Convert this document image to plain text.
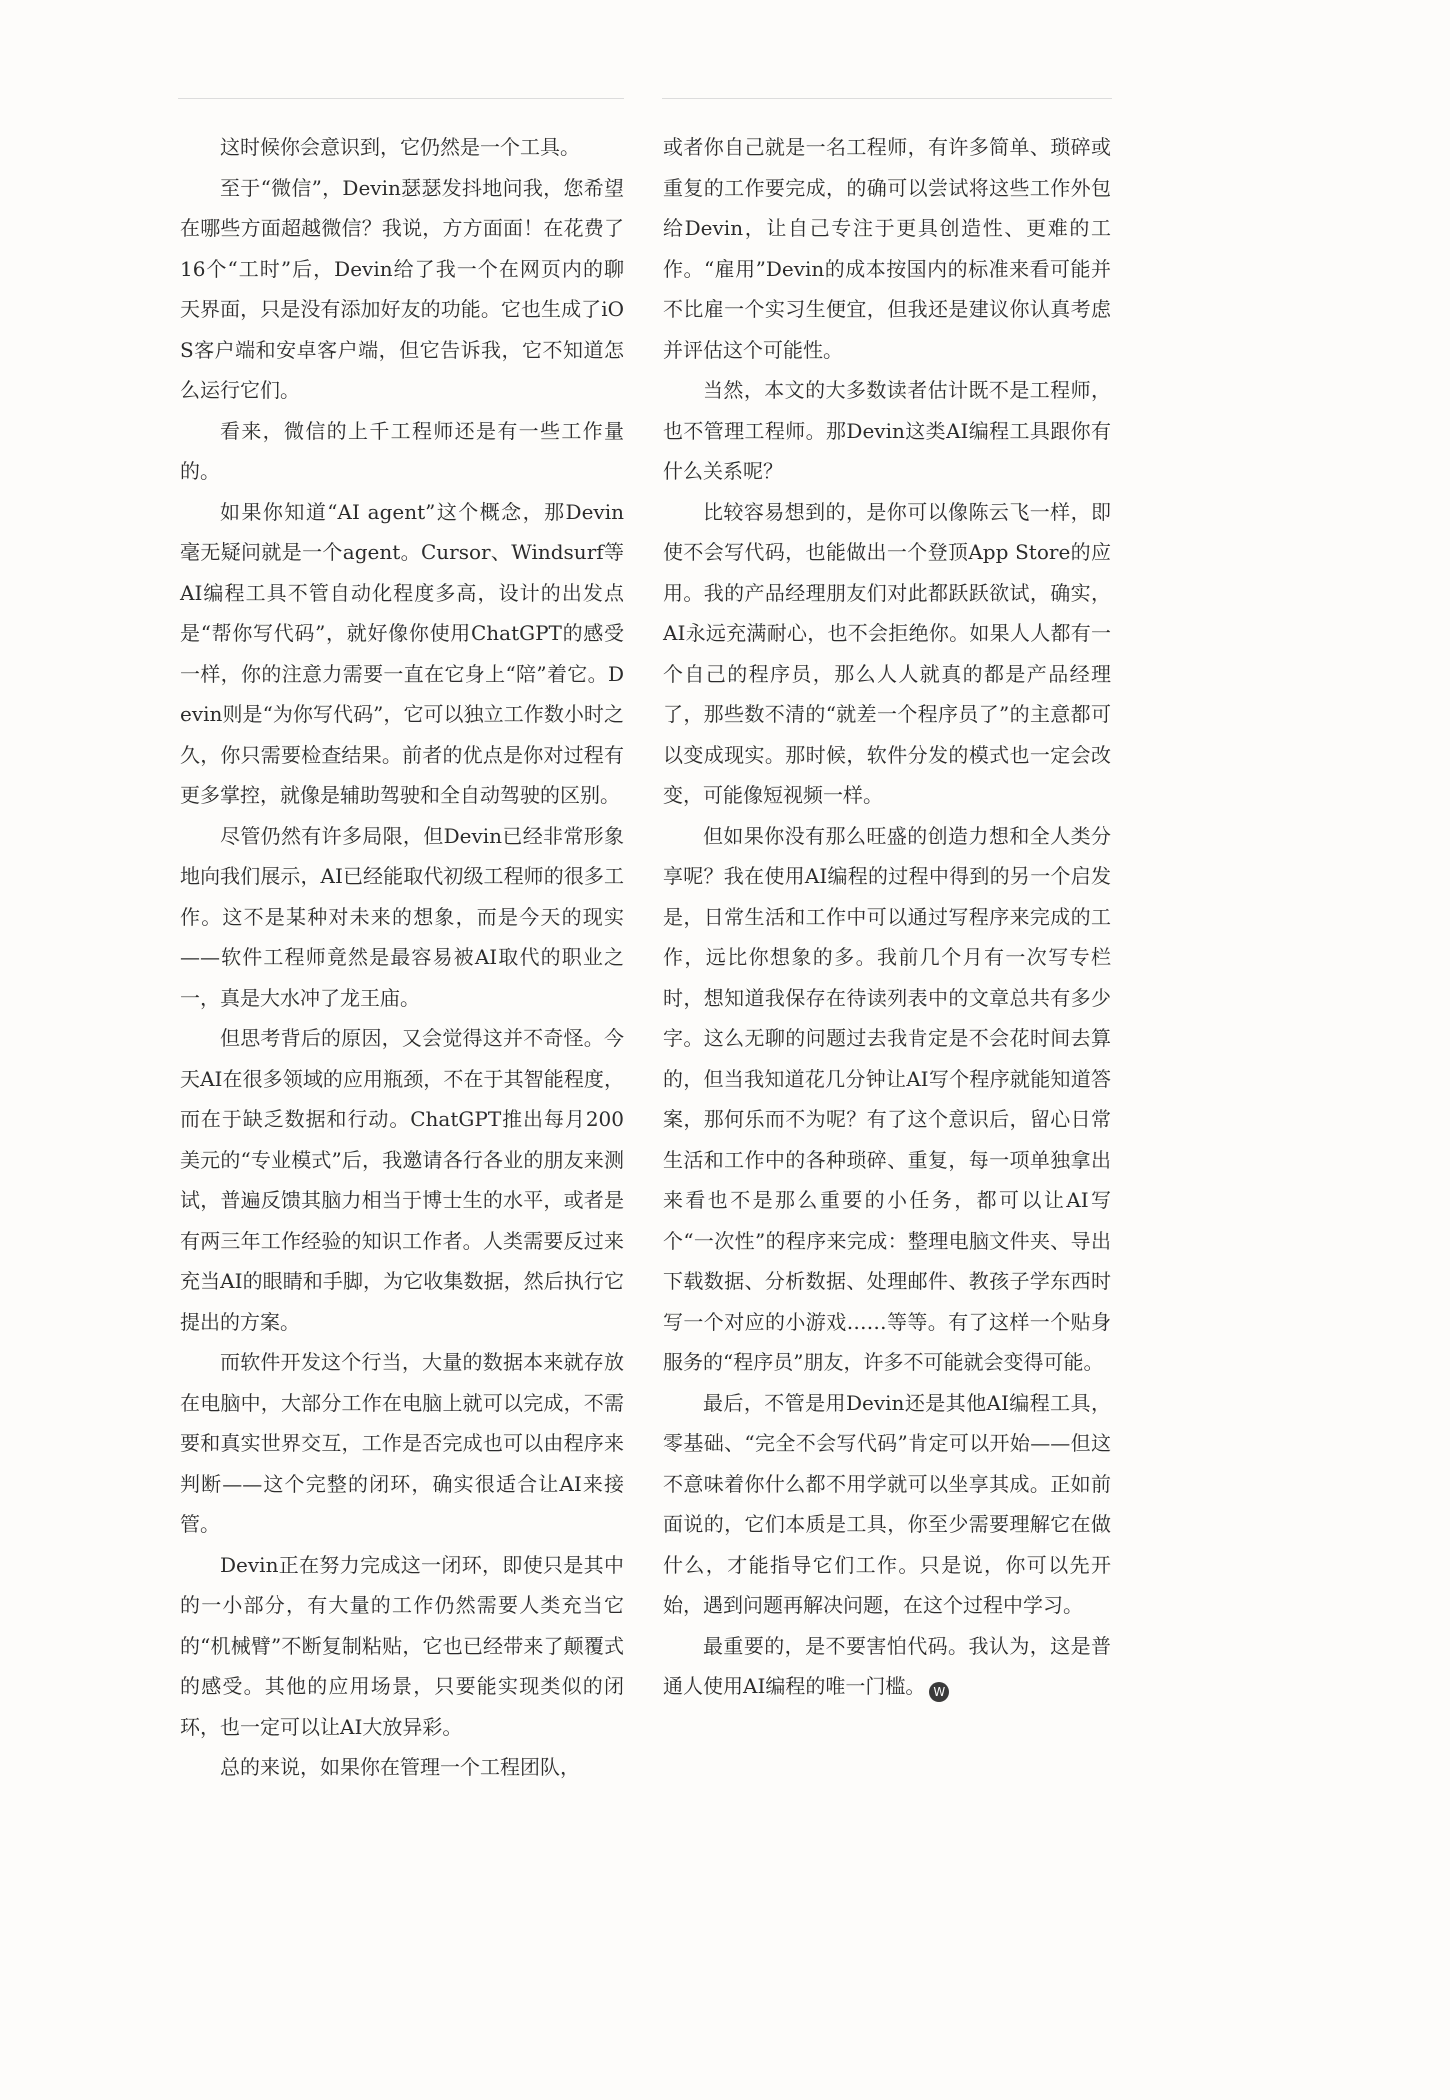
这时候你会意识到，它仍然是一个工具。

至于“微信”，Devin瑟瑟发抖地问我，您希望在哪些方面超越微信？我说，方方面面！在花费了16个“工时”后，Devin给了我一个在网页内的聊天界面，只是没有添加好友的功能。它也生成了iOS客户端和安卓客户端，但它告诉我，它不知道怎么运行它们。

看来，微信的上千工程师还是有一些工作量的。

如果你知道“AI agent”这个概念，那Devin毫无疑问就是一个agent。Cursor、Windsurf等AI编程工具不管自动化程度多高，设计的出发点是“帮你写代码”，就好像你使用ChatGPT的感受一样，你的注意力需要一直在它身上“陪”着它。Devin则是“为你写代码”，它可以独立工作数小时之久，你只需要检查结果。前者的优点是你对过程有更多掌控，就像是辅助驾驶和全自动驾驶的区别。

尽管仍然有许多局限，但Devin已经非常形象地向我们展示，AI已经能取代初级工程师的很多工作。这不是某种对未来的想象，而是今天的现实——软件工程师竟然是最容易被AI取代的职业之一，真是大水冲了龙王庙。

但思考背后的原因，又会觉得这并不奇怪。今天AI在很多领域的应用瓶颈，不在于其智能程度，而在于缺乏数据和行动。ChatGPT推出每月200美元的“专业模式”后，我邀请各行各业的朋友来测试，普遍反馈其脑力相当于博士生的水平，或者是有两三年工作经验的知识工作者。人类需要反过来充当AI的眼睛和手脚，为它收集数据，然后执行它提出的方案。

而软件开发这个行当，大量的数据本来就存放在电脑中，大部分工作在电脑上就可以完成，不需要和真实世界交互，工作是否完成也可以由程序来判断——这个完整的闭环，确实很适合让AI来接管。

Devin正在努力完成这一闭环，即使只是其中的一小部分，有大量的工作仍然需要人类充当它的“机械臂”不断复制粘贴，它也已经带来了颠覆式的感受。其他的应用场景，只要能实现类似的闭环，也一定可以让AI大放异彩。

总的来说，如果你在管理一个工程团队，

或者你自己就是一名工程师，有许多简单、琐碎或重复的工作要完成，的确可以尝试将这些工作外包给Devin，让自己专注于更具创造性、更难的工作。“雇用”Devin的成本按国内的标准来看可能并不比雇一个实习生便宜，但我还是建议你认真考虑并评估这个可能性。

当然，本文的大多数读者估计既不是工程师，也不管理工程师。那Devin这类AI编程工具跟你有什么关系呢？

比较容易想到的，是你可以像陈云飞一样，即使不会写代码，也能做出一个登顶App Store的应用。我的产品经理朋友们对此都跃跃欲试，确实，AI永远充满耐心，也不会拒绝你。如果人人都有一个自己的程序员，那么人人就真的都是产品经理了，那些数不清的“就差一个程序员了”的主意都可以变成现实。那时候，软件分发的模式也一定会改变，可能像短视频一样。

但如果你没有那么旺盛的创造力想和全人类分享呢？我在使用AI编程的过程中得到的另一个启发是，日常生活和工作中可以通过写程序来完成的工作，远比你想象的多。我前几个月有一次写专栏时，想知道我保存在待读列表中的文章总共有多少字。这么无聊的问题过去我肯定是不会花时间去算的，但当我知道花几分钟让AI写个程序就能知道答案，那何乐而不为呢？有了这个意识后，留心日常生活和工作中的各种琐碎、重复，每一项单独拿出来看也不是那么重要的小任务，都可以让AI写个“一次性”的程序来完成：整理电脑文件夹、导出下载数据、分析数据、处理邮件、教孩子学东西时写一个对应的小游戏……等等。有了这样一个贴身服务的“程序员”朋友，许多不可能就会变得可能。

最后，不管是用Devin还是其他AI编程工具，零基础、“完全不会写代码”肯定可以开始——但这不意味着你什么都不用学就可以坐享其成。正如前面说的，它们本质是工具，你至少需要理解它在做什么，才能指导它们工作。只是说，你可以先开始，遇到问题再解决问题，在这个过程中学习。

最重要的，是不要害怕代码。我认为，这是普通人使用AI编程的唯一门槛。 W
